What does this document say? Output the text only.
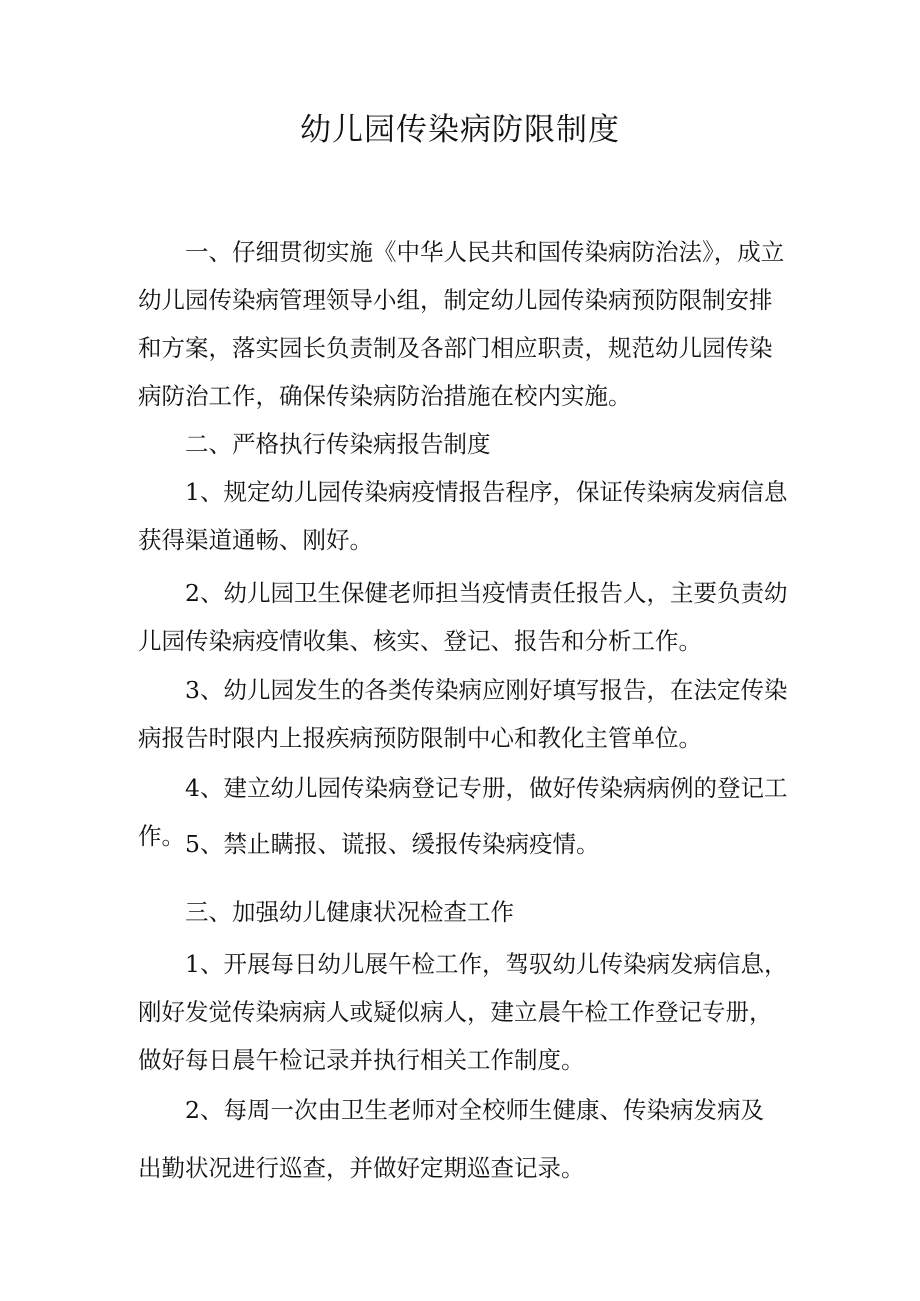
幼儿园传染病防限制度
一、仔细贯彻实施《中华人民共和国传染病防治法》，成立幼儿园传染病管理领导小组，制定幼儿园传染病预防限制安排和方案，落实园长负责制及各部门相应职责，规范幼儿园传染病防治工作，确保传染病防治措施在校内实施。
二、严格执行传染病报告制度
1、规定幼儿园传染病疫情报告程序，保证传染病发病信息获得渠道通畅、刚好。
2、幼儿园卫生保健老师担当疫情责任报告人，主要负责幼儿园传染病疫情收集、核实、登记、报告和分析工作。
3、幼儿园发生的各类传染病应刚好填写报告，在法定传染病报告时限内上报疾病预防限制中心和教化主管单位。
4、建立幼儿园传染病登记专册，做好传染病病例的登记工作。 5、禁止瞒报、谎报、缓报传染病疫情。
三、加强幼儿健康状况检查工作
1、开展每日幼儿展午检工作，驾驭幼儿传染病发病信息，刚好发觉传染病病人或疑似病人，建立晨午检工作登记专册，做好每日晨午检记录并执行相关工作制度。
2、每周一次由卫生老师对全校师生健康、传染病发病及
出勤状况进行巡查，并做好定期巡查记录。
